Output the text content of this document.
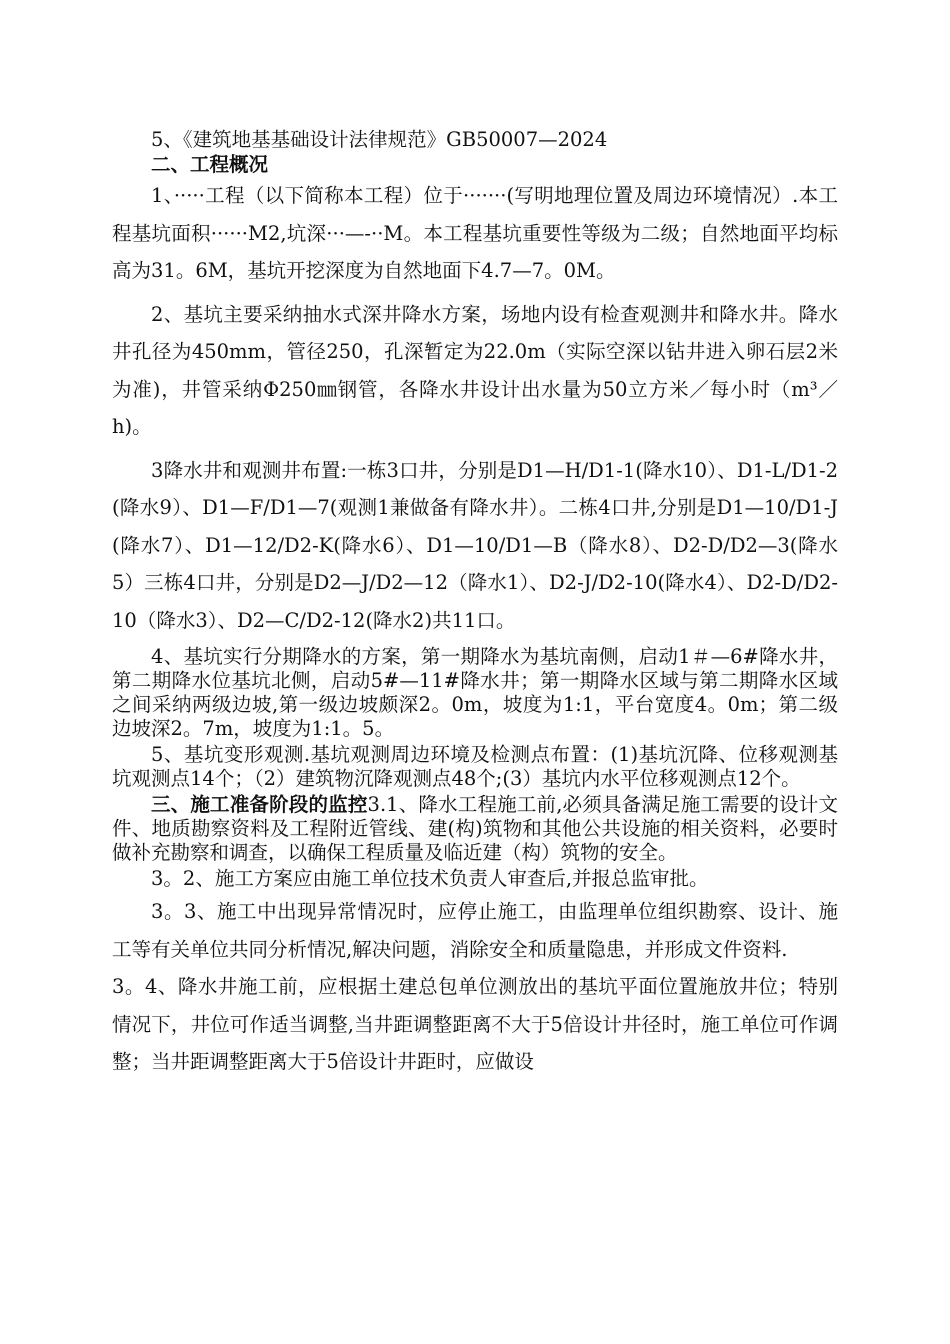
5、《建筑地基基础设计法律规范》GB50007—2024

二、工程概况

1、·····工程（以下简称本工程）位于·······(写明地理位置及周边环境情况）.本工程基坑面积······M2,坑深···—-··M。本工程基坑重要性等级为二级；自然地面平均标高为31。6M，基坑开挖深度为自然地面下4.7—7。0M。

2、基坑主要采纳抽水式深井降水方案，场地内设有检查观测井和降水井。降水井孔径为450mm，管径250，孔深暂定为22.0m（实际空深以钻井进入卵石层2米为准)，井管采纳Φ250㎜钢管，各降水井设计出水量为50立方米／每小时（m³／h)。

3降水井和观测井布置:一栋3口井，分别是D1—H/D1-1(降水10）、D1-L/D1-2(降水9）、D1—F/D1—7(观测1兼做备有降水井）。二栋4口井,分别是D1—10/D1-J(降水7）、D1—12/D2-K(降水6）、D1—10/D1—B（降水8）、D2-D/D2—3(降水5）三栋4口井，分别是D2—J/D2—12（降水1）、D2-J/D2-10(降水4）、D2-D/D2-10（降水3）、D2—C/D2-12(降水2)共11口。

4、基坑实行分期降水的方案，第一期降水为基坑南侧，启动1＃—6#降水井，第二期降水位基坑北侧，启动5#—11#降水井；第一期降水区域与第二期降水区域之间采纳两级边坡,第一级边坡颇深2。0m，坡度为1:1，平台宽度4。0m；第二级边坡深2。7m，坡度为1:1。5。

5、基坑变形观测.基坑观测周边环境及检测点布置：(1)基坑沉降、位移观测基坑观测点14个；（2）建筑物沉降观测点48个;(3）基坑内水平位移观测点12个。

三、施工准备阶段的监控3.1、降水工程施工前,必须具备满足施工需要的设计文件、地质勘察资料及工程附近管线、建(构)筑物和其他公共设施的相关资料，必要时做补充勘察和调查，以确保工程质量及临近建（构）筑物的安全。

3。2、施工方案应由施工单位技术负责人审查后,并报总监审批。

3。3、施工中出现异常情况时，应停止施工，由监理单位组织勘察、设计、施工等有关单位共同分析情况,解决问题，消除安全和质量隐患，并形成文件资料.

3。4、降水井施工前，应根据土建总包单位测放出的基坑平面位置施放井位；特别情况下，井位可作适当调整,当井距调整距离不大于5倍设计井径时，施工单位可作调整；当井距调整距离大于5倍设计井距时，应做设
